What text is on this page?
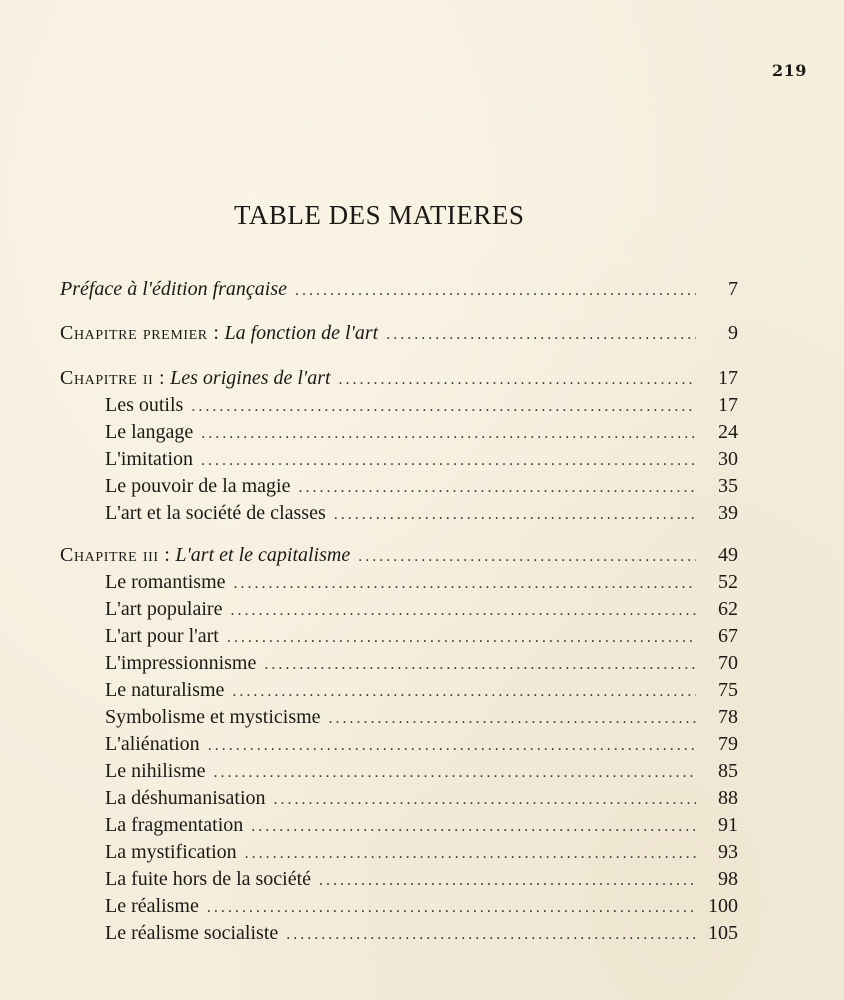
219
TABLE DES MATIERES
Préface à l'édition française . . .	7
Chapitre premier : La fonction de l'art . . .	9
Chapitre ii : Les origines de l'art . . .	17
Les outils . . .	17
Le langage . . .	24
L'imitation . . .	30
Le pouvoir de la magie . . .	35
L'art et la société de classes . . .	39
Chapitre iii : L'art et le capitalisme . . .	49
Le romantisme . . .	52
L'art populaire . . .	62
L'art pour l'art . . .	67
L'impressionnisme . . .	70
Le naturalisme . . .	75
Symbolisme et mysticisme . . .	78
L'aliénation . . .	79
Le nihilisme . . .	85
La déshumanisation . . .	88
La fragmentation . . .	91
La mystification . . .	93
La fuite hors de la société . . .	98
Le réalisme . . .	100
Le réalisme socialiste . . .	105
